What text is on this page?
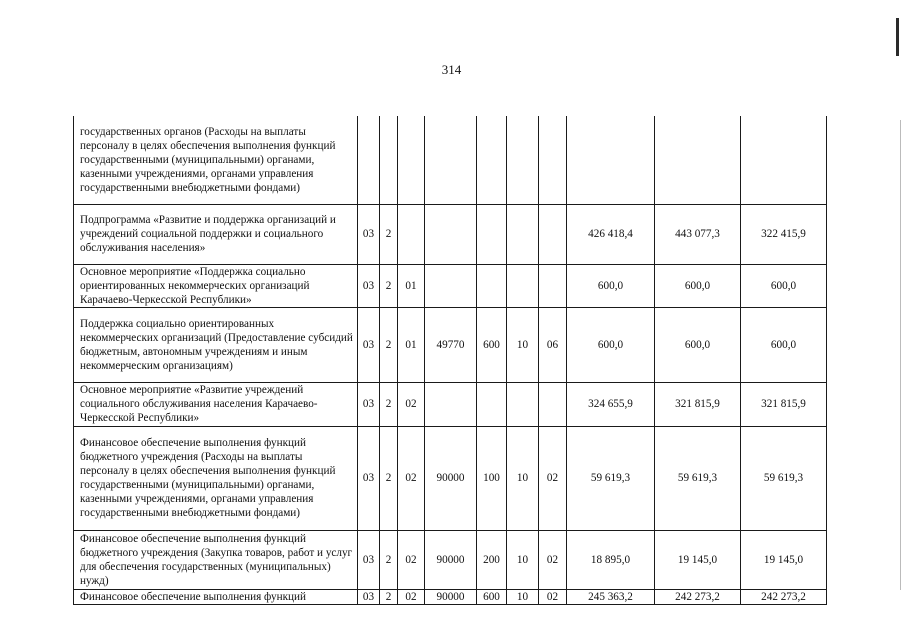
314
государственных органов (Расходы на выплаты персоналу в целях обеспечения выполнения функций государственными (муниципальными) органами, казенными учреждениями, органами управления государственными внебюджетными фондами)										
Подпрограмма «Развитие и поддержка организаций и учреждений социальной поддержки и социального обслуживания населения»	03	2						426 418,4	443 077,3	322 415,9
Основное мероприятие «Поддержка социально ориентированных некоммерческих организаций Карачаево-Черкесской Республики»	03	2	01					600,0	600,0	600,0
Поддержка социально ориентированных некоммерческих организаций (Предоставление субсидий бюджетным, автономным учреждениям и иным некоммерческим организациям)	03	2	01	49770	600	10	06	600,0	600,0	600,0
Основное мероприятие «Развитие учреждений социального обслуживания населения Карачаево-Черкесской Республики»	03	2	02					324 655,9	321 815,9	321 815,9
Финансовое обеспечение выполнения функций бюджетного учреждения (Расходы на выплаты персоналу в целях обеспечения выполнения функций государственными (муниципальными) органами, казенными учреждениями, органами управления государственными внебюджетными фондами)	03	2	02	90000	100	10	02	59 619,3	59 619,3	59 619,3
Финансовое обеспечение выполнения функций бюджетного учреждения (Закупка товаров, работ и услуг для обеспечения государственных (муниципальных) нужд)	03	2	02	90000	200	10	02	18 895,0	19 145,0	19 145,0
Финансовое обеспечение выполнения функций	03	2	02	90000	600	10	02	245 363,2	242 273,2	242 273,2
